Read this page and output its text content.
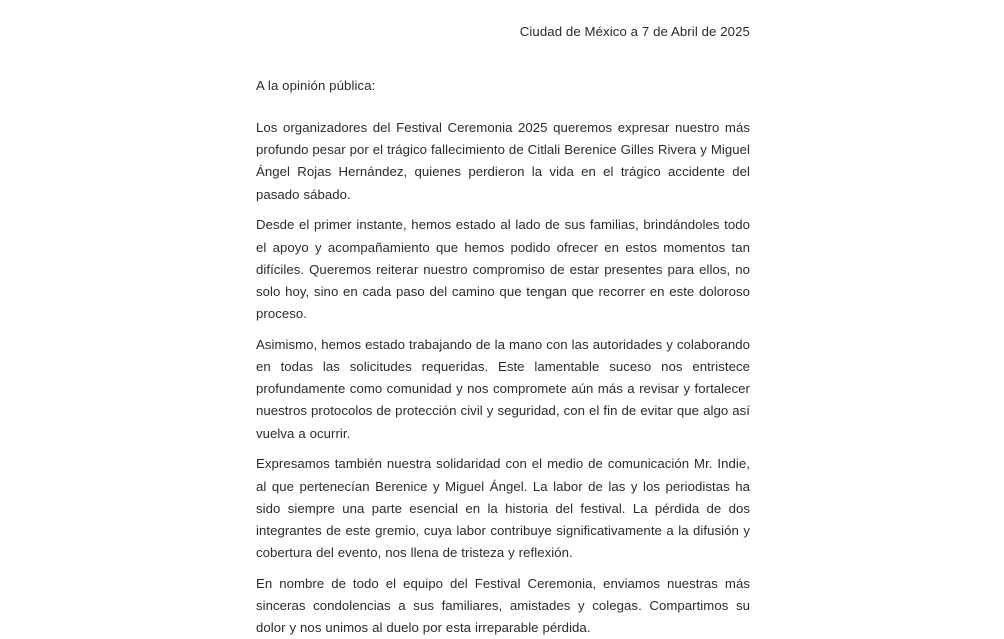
Ciudad de México a 7 de Abril de 2025

A la opinión pública:

Los organizadores del Festival Ceremonia 2025 queremos expresar nuestro más profundo pesar por el trágico fallecimiento de Citlali Berenice Gilles Rivera y Miguel Ángel Rojas Hernández, quienes perdieron la vida en el trágico accidente del pasado sábado.

Desde el primer instante, hemos estado al lado de sus familias, brindándoles todo el apoyo y acompañamiento que hemos podido ofrecer en estos momentos tan difíciles. Queremos reiterar nuestro compromiso de estar presentes para ellos, no solo hoy, sino en cada paso del camino que tengan que recorrer en este doloroso proceso.

Asimismo, hemos estado trabajando de la mano con las autoridades y colaborando en todas las solicitudes requeridas. Este lamentable suceso nos entristece profundamente como comunidad y nos compromete aún más a revisar y fortalecer nuestros protocolos de protección civil y seguridad, con el fin de evitar que algo así vuelva a ocurrir.

Expresamos también nuestra solidaridad con el medio de comunicación Mr. Indie, al que pertenecían Berenice y Miguel Ángel. La labor de las y los periodistas ha sido siempre una parte esencial en la historia del festival. La pérdida de dos integrantes de este gremio, cuya labor contribuye significativamente a la difusión y cobertura del evento, nos llena de tristeza y reflexión.

En nombre de todo el equipo del Festival Ceremonia, enviamos nuestras más sinceras condolencias a sus familiares, amistades y colegas. Compartimos su dolor y nos unimos al duelo por esta irreparable pérdida.
